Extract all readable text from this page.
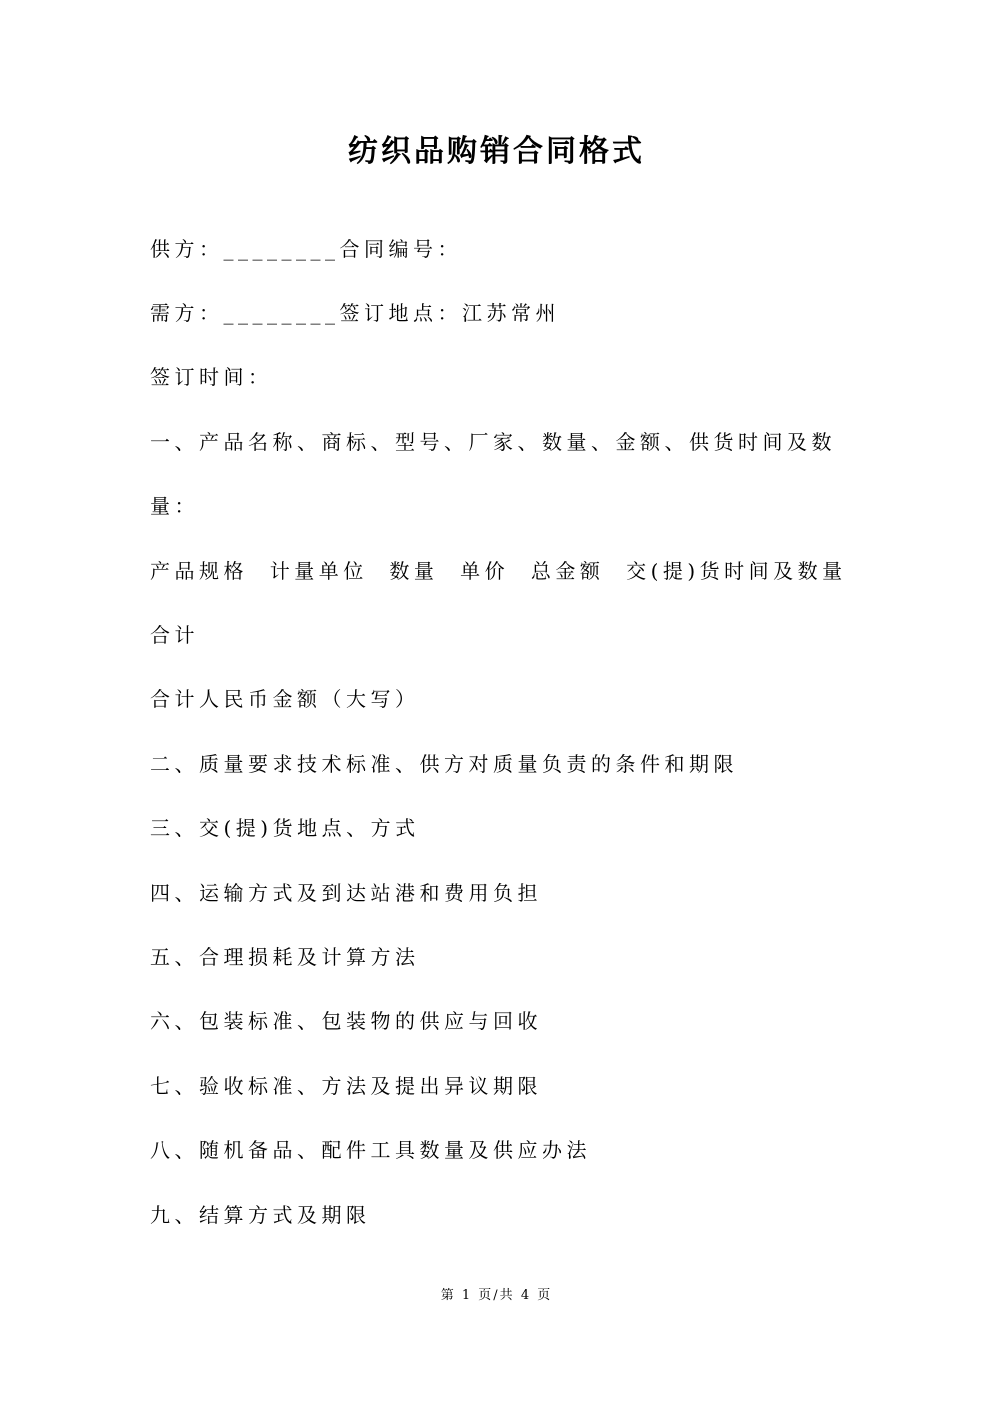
纺织品购销合同格式
供方：________合同编号：
需方：________签订地点：江苏常州
签订时间：
一、产品名称、商标、型号、厂家、数量、金额、供货时间及数
量：
产品规格  计量单位  数量  单价  总金额  交(提)货时间及数量
合计
合计人民币金额（大写）
二、质量要求技术标准、供方对质量负责的条件和期限
三、交(提)货地点、方式
四、运输方式及到达站港和费用负担
五、合理损耗及计算方法
六、包装标准、包装物的供应与回收
七、验收标准、方法及提出异议期限
八、随机备品、配件工具数量及供应办法
九、结算方式及期限
第 1 页/共 4 页
